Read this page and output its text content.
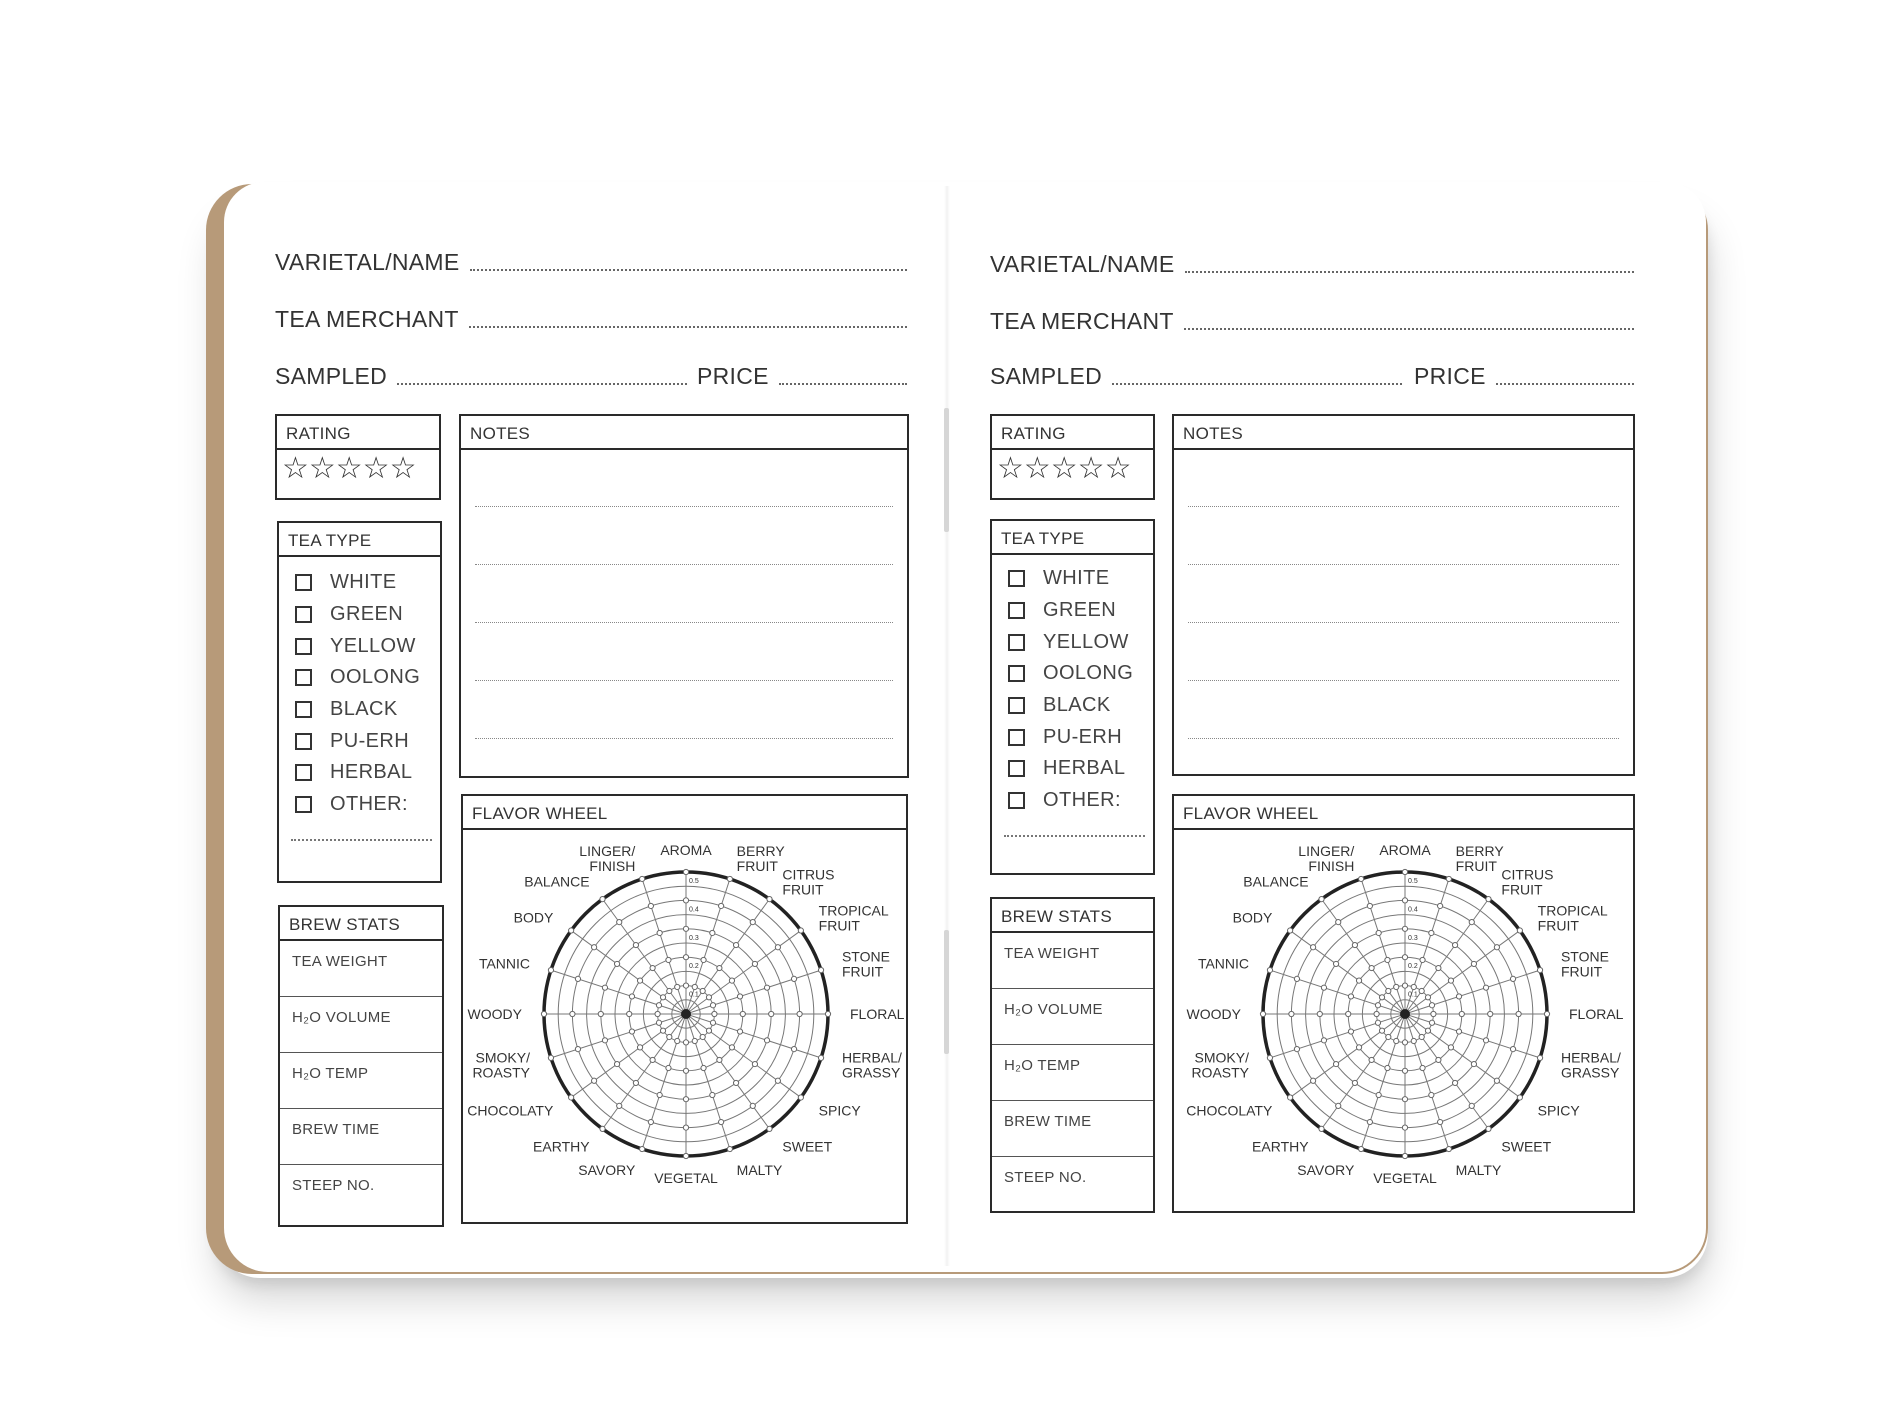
VARIETAL/NAME
TEA MERCHANT
SAMPLED	PRICE
RATING
☆☆☆☆☆
TEA TYPE
WHITE
GREEN
YELLOW
OOLONG
BLACK
PU-ERH
HERBAL
OTHER:
BREW STATS
TEA WEIGHT
H₂O VOLUME
H₂O TEMP
BREW TIME
STEEP NO.
NOTES
FLAVOR WHEEL
AROMA BERRY FRUIT
CITRUS FRUIT
TROPICAL FRUIT
STONE FRUIT
FLORAL
HERBAL/ GRASSY
SPICY
SWEET
MALTY
VEGETAL
SAVORY
EARTHY
CHOCOLATY
SMOKY/ ROASTY
WOODY
TANNIC
BODY
BALANCE
LINGER/ FINISH
0.1
0.2
0.3
0.4
0.5
VARIETAL/NAME
TEA MERCHANT
SAMPLED	PRICE
RATING
☆☆☆☆☆
TEA TYPE
WHITE
GREEN
YELLOW
OOLONG
BLACK
PU-ERH
HERBAL
OTHER:
BREW STATS
TEA WEIGHT
H₂O VOLUME
H₂O TEMP
BREW TIME
STEEP NO.
NOTES
FLAVOR WHEEL
AROMA BERRY FRUIT
CITRUS FRUIT
TROPICAL FRUIT
STONE FRUIT
FLORAL
HERBAL/ GRASSY
SPICY
SWEET
MALTY
VEGETAL
SAVORY
EARTHY
CHOCOLATY
SMOKY/ ROASTY
WOODY
TANNIC
BODY
BALANCE
LINGER/ FINISH
0.1
0.2
0.3
0.4
0.5
